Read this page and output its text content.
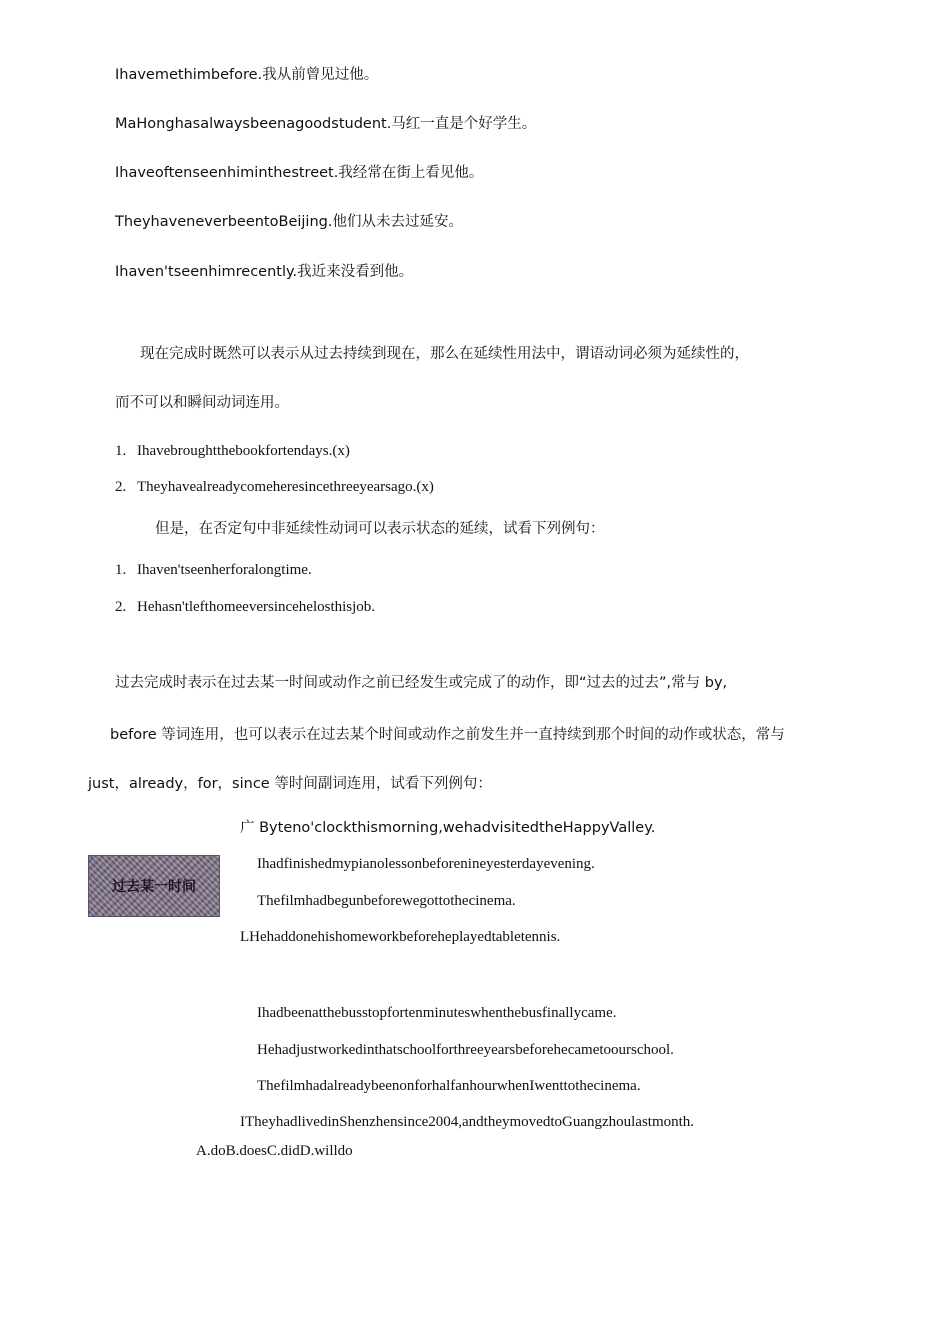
Ihavemethimbefore.我从前曾见过他。
MaHonghasalwaysbeenagoodstudent.马红一直是个好学生。
Ihaveoftenseenhiminthestreet.我经常在街上看见他。
TheyhaveneverbeentoBeijing.他们从未去过延安。
Ihaven'tseenhimrecently.我近来没看到他。
现在完成时既然可以表示从过去持续到现在，那么在延续性用法中，谓语动词必须为延续性的，
而不可以和瞬间动词连用。
1. Ihavebroughtthebookfortendays.(x)
2. Theyhavealreadycomeheresincethreeyearsago.(x)
但是，在否定句中非延续性动词可以表示状态的延续，试看下列例句：
1. Ihaven'tseenherforalongtime.
2. Hehasn'tlefthomeeversincehelosthisjob.
过去完成时表示在过去某一时间或动作之前已经发生或完成了的动作，即“过去的过去”,常与 by,
before 等词连用，也可以表示在过去某个时间或动作之前发生并一直持续到那个时间的动作或状态，常与
just，already，for，since 等时间副词连用，试看下列例句：
过去某一时间
广 Byteno'clockthismorning,wehadvisitedtheHappyValley.
Ihadfinishedmypianolessonbeforenineyesterdayevening.
Thefilmhadbegunbeforewegottothecinema.
LHehaddonehishomeworkbeforeheplayedtabletennis.
Ihadbeenatthebusstopfortenminuteswhenthebusfinallycame.
Hehadjustworkedinthatschoolforthreeyearsbeforehecametoourschool.
ThefilmhadalreadybeenonforhalfanhourwhenIwenttothecinema.
ITheyhadlivedinShenzhensince2004,andtheymovedtoGuangzhoulastmonth.
A.doB.doesC.didD.willdo
